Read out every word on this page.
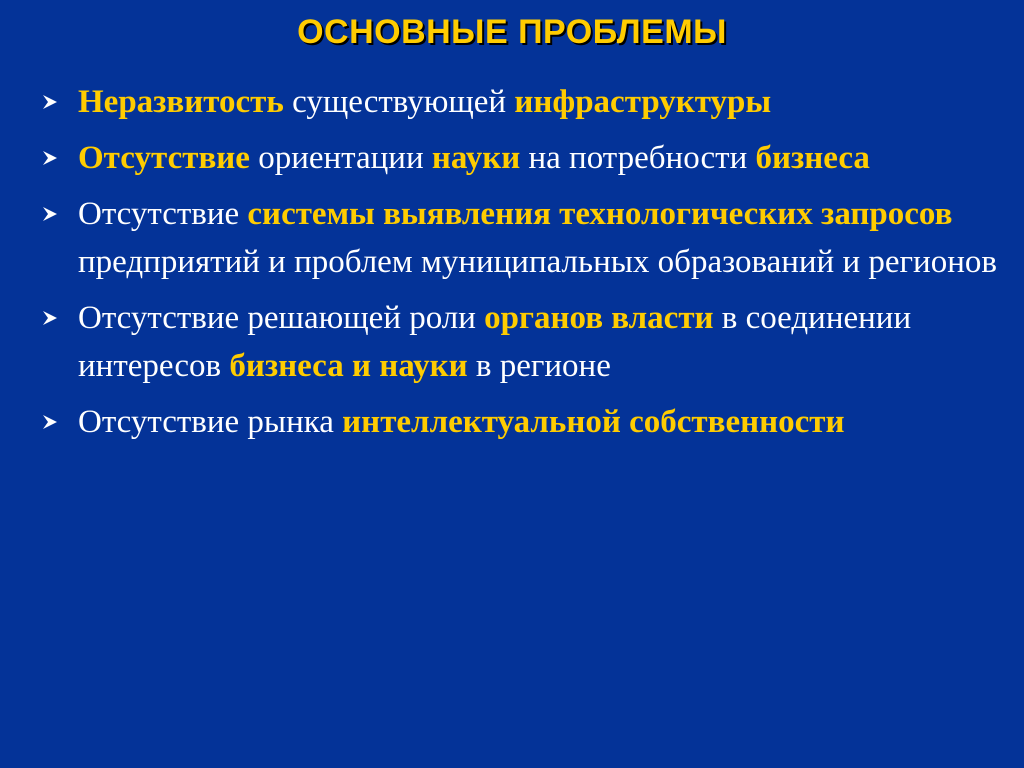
ОСНОВНЫЕ ПРОБЛЕМЫ
Неразвитость существующей инфраструктуры
Отсутствие ориентации науки на потребности бизнеса
Отсутствие системы выявления технологических запросов предприятий и проблем муниципальных образований и регионов
Отсутствие решающей роли органов власти в соединении интересов бизнеса и науки в регионе
Отсутствие рынка интеллектуальной собственности
